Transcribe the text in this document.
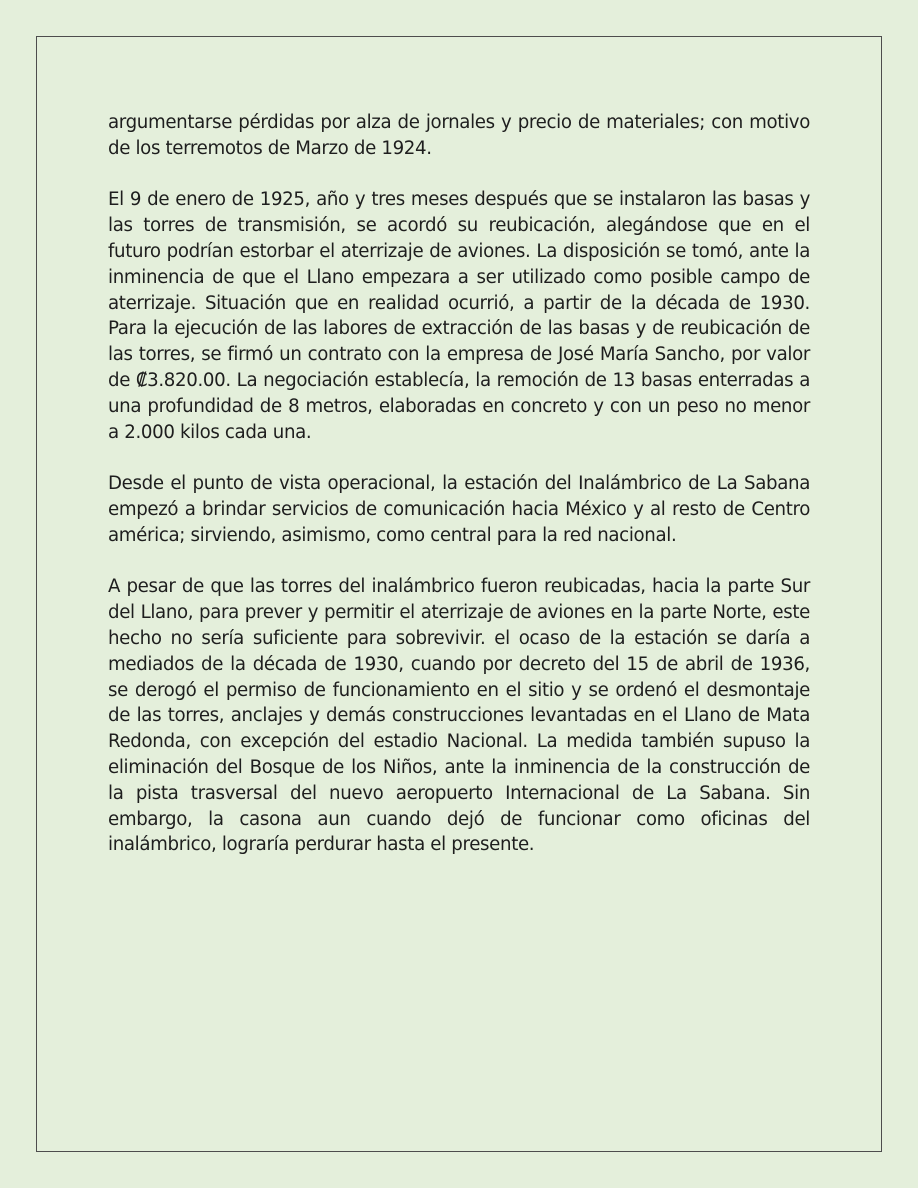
argumentarse pérdidas por alza de jornales y precio de materiales; con motivo de los terremotos de Marzo de 1924.

El 9 de enero de 1925, año y tres meses después que se instalaron las basas y las torres de transmisión, se acordó su reubicación, alegándose que en el futuro podrían estorbar el aterrizaje de aviones. La disposición se tomó, ante la inminencia de que el Llano empezara a ser utilizado como posible campo de aterrizaje. Situación que en realidad ocurrió, a partir de la década de 1930. Para la ejecución de las labores de extracción de las basas y de reubicación de las torres, se firmó un contrato con la empresa de José María Sancho, por valor de ₡3.820.00. La negociación establecía, la remoción de 13 basas enterradas a una profundidad de 8 metros, elaboradas en concreto y con un peso no menor a 2.000 kilos cada una.

Desde el punto de vista operacional, la estación del Inalámbrico de La Sabana empezó a brindar servicios de comunicación hacia México y al resto de Centro américa; sirviendo, asimismo, como central para la red nacional.

A pesar de que las torres del inalámbrico fueron reubicadas, hacia la parte Sur del Llano, para prever y permitir el aterrizaje de aviones en la parte Norte, este hecho no sería suficiente para sobrevivir. el ocaso de la estación se daría a mediados de la década de 1930, cuando por decreto del 15 de abril de 1936, se derogó el permiso de funcionamiento en el sitio y se ordenó el desmontaje de las torres, anclajes y demás construcciones levantadas en el Llano de Mata Redonda, con excepción del estadio Nacional. La medida también supuso la eliminación del Bosque de los Niños, ante la inminencia de la construcción de la pista trasversal del nuevo aeropuerto Internacional de La Sabana. Sin embargo, la casona aun cuando dejó de funcionar como oficinas del inalámbrico, lograría perdurar hasta el presente.
